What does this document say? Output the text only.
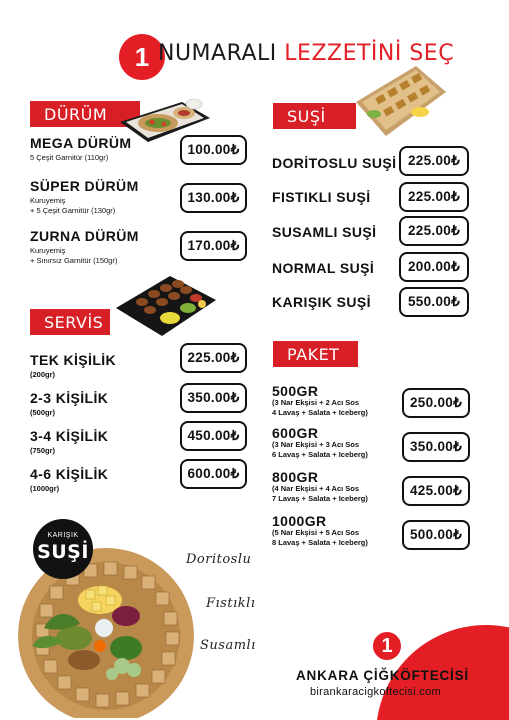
1 NUMARALI LEZZETİNİ SEÇ
DÜRÜM
MEGA DÜRÜM
5 Çeşit Garnitür (110gr)
100.00₺
SÜPER DÜRÜM
Kuruyemiş
+ 5 Çeşit Garnitür (130gr)
130.00₺
ZURNA DÜRÜM
Kuruyemiş
+ Sınırsız Garnitür (150gr)
170.00₺
SERVİS
TEK KİŞİLİK
(200gr)
225.00₺
2-3 KİŞİLİK
(500gr)
350.00₺
3-4 KİŞİLİK
(750gr)
450.00₺
4-6 KİŞİLİK
(1000gr)
600.00₺
SUŞİ
DORİTOSLU SUŞİ 225.00₺
FISTIKLI SUŞİ	225.00₺
SUSAMLI SUŞİ	225.00₺
NORMAL SUŞİ	200.00₺
KARIŞIK SUŞİ	550.00₺
PAKET
500GR
(3 Nar Ekşisi + 2 Acı Sos
4 Lavaş + Salata + Iceberg)
250.00₺
600GR
(3 Nar Ekşisi + 3 Acı Sos
6 Lavaş + Salata + Iceberg)	350.00₺
800GR
(4 Nar Ekşisi + 4 Acı Sos
7 Lavaş + Salata + Iceberg)	425.00₺
1000GR
(5 Nar Ekşisi + 5 Acı Sos
8 Lavaş + Salata + Iceberg)	500.00₺
KARIŞIK
SUŞİ	Doritoslu
Fıstıklı
Susamlı	1
ANKARA ÇİĞKÖFTECİSİ
birankaracigkoftecisi.com
